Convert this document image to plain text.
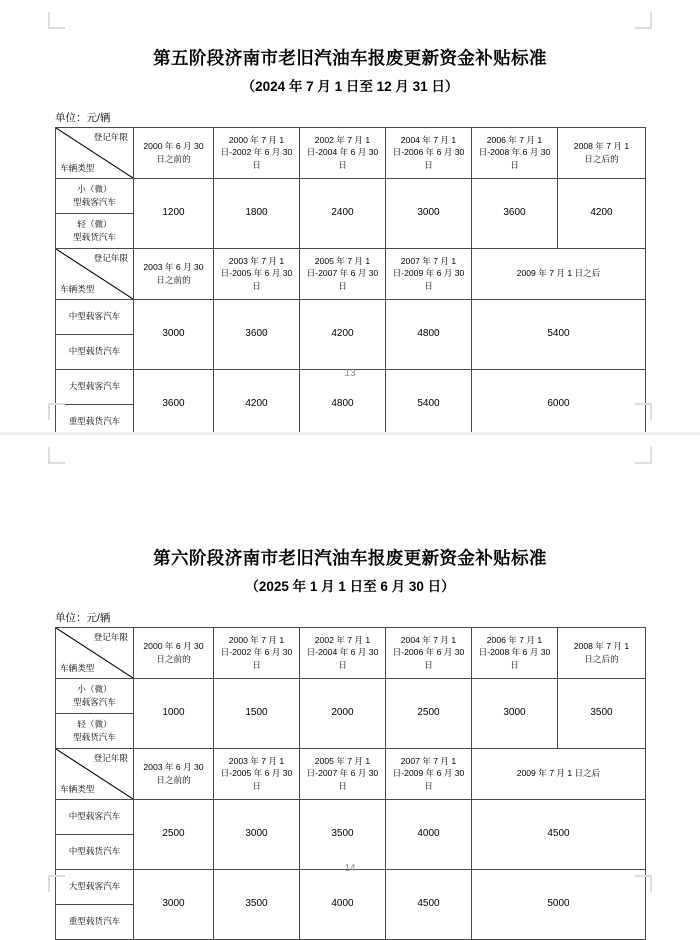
第五阶段济南市老旧汽油车报废更新资金补贴标准
（2024 年 7 月 1 日至 12 月 31 日）
单位：元/辆
登记年限
车辆类型	2000 年 6 月 30 日之前的	2000 年 7 月 1 日-2002 年 6 月 30 日	2002 年 7 月 1 日-2004 年 6 月 30 日	2004 年 7 月 1 日-2006 年 6 月 30 日	2006 年 7 月 1 日-2008 年 6 月 30 日	2008 年 7 月 1 日之后的

小（微）型载客汽车	1200	1800	2400	3000	3600	4200
轻（微）型载货汽车						

登记年限
车辆类型	2003 年 6 月 30 日之前的	2003 年 7 月 1 日-2005 年 6 月 30 日	2005 年 7 月 1 日-2007 年 6 月 30 日	2007 年 7 月 1 日-2009 年 6 月 30 日	2009 年 7 月 1 日之后	
中型载客汽车	3000	3600	4200	4800	5400	
中型载货汽车						
大型载客汽车	3600	4200	4800	5400	6000	
重型载货汽车						
13
第六阶段济南市老旧汽油车报废更新资金补贴标准
（2025 年 1 月 1 日至 6 月 30 日）
单位：元/辆
登记年限
车辆类型	2000 年 6 月 30 日之前的	2000 年 7 月 1 日-2002 年 6 月 30 日	2002 年 7 月 1 日-2004 年 6 月 30 日	2004 年 7 月 1 日-2006 年 6 月 30 日	2006 年 7 月 1 日-2008 年 6 月 30 日	2008 年 7 月 1 日之后的

小（微）型载客汽车	1000	1500	2000	2500	3000	3500
轻（微）型载货汽车						

登记年限
车辆类型	2003 年 6 月 30 日之前的	2003 年 7 月 1 日-2005 年 6 月 30 日	2005 年 7 月 1 日-2007 年 6 月 30 日	2007 年 7 月 1 日-2009 年 6 月 30 日	2009 年 7 月 1 日之后	
中型载客汽车	2500	3000	3500	4000	4500	
中型载货汽车						
大型载客汽车	3000	3500	4000	4500	5000	
重型载货汽车						
14
